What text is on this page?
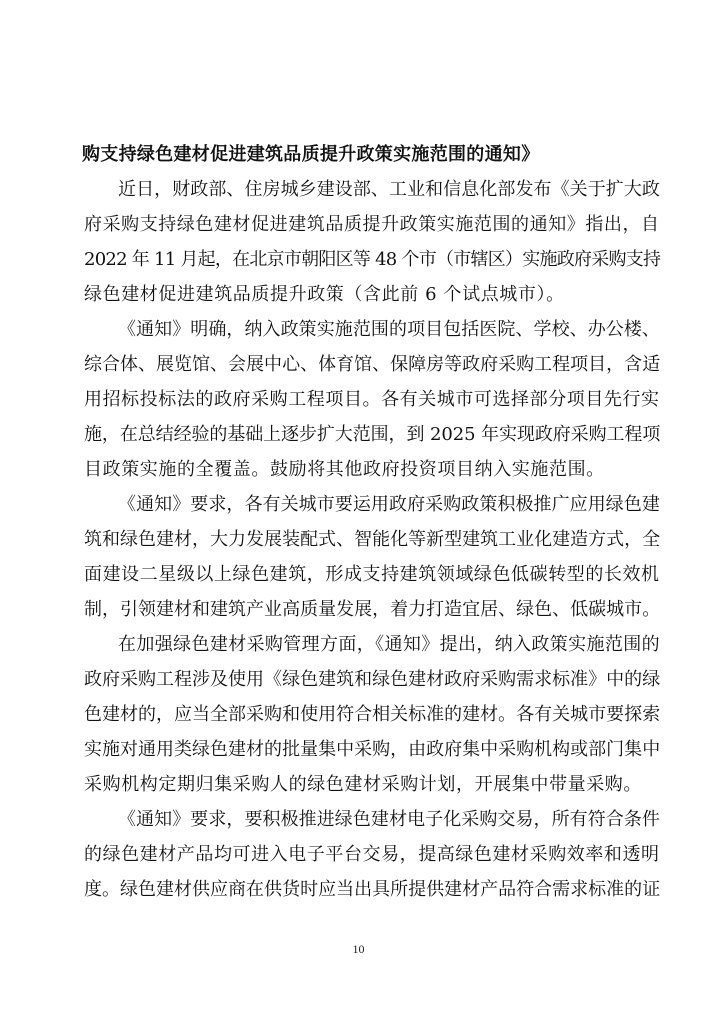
购支持绿色建材促进建筑品质提升政策实施范围的通知》
近日，财政部、住房城乡建设部、工业和信息化部发布《关于扩大政
府采购支持绿色建材促进建筑品质提升政策实施范围的通知》指出，自
2022 年 11 月起，在北京市朝阳区等 48 个市（市辖区）实施政府采购支持
绿色建材促进建筑品质提升政策（含此前 6 个试点城市）。
《通知》明确，纳入政策实施范围的项目包括医院、学校、办公楼、
综合体、展览馆、会展中心、体育馆、保障房等政府采购工程项目，含适
用招标投标法的政府采购工程项目。各有关城市可选择部分项目先行实
施，在总结经验的基础上逐步扩大范围，到 2025 年实现政府采购工程项
目政策实施的全覆盖。鼓励将其他政府投资项目纳入实施范围。
《通知》要求，各有关城市要运用政府采购政策积极推广应用绿色建
筑和绿色建材，大力发展装配式、智能化等新型建筑工业化建造方式，全
面建设二星级以上绿色建筑，形成支持建筑领域绿色低碳转型的长效机
制，引领建材和建筑产业高质量发展，着力打造宜居、绿色、低碳城市。
在加强绿色建材采购管理方面，《通知》提出，纳入政策实施范围的
政府采购工程涉及使用《绿色建筑和绿色建材政府采购需求标准》中的绿
色建材的，应当全部采购和使用符合相关标准的建材。各有关城市要探索
实施对通用类绿色建材的批量集中采购，由政府集中采购机构或部门集中
采购机构定期归集采购人的绿色建材采购计划，开展集中带量采购。
《通知》要求，要积极推进绿色建材电子化采购交易，所有符合条件
的绿色建材产品均可进入电子平台交易，提高绿色建材采购效率和透明
度。绿色建材供应商在供货时应当出具所提供建材产品符合需求标准的证
10
